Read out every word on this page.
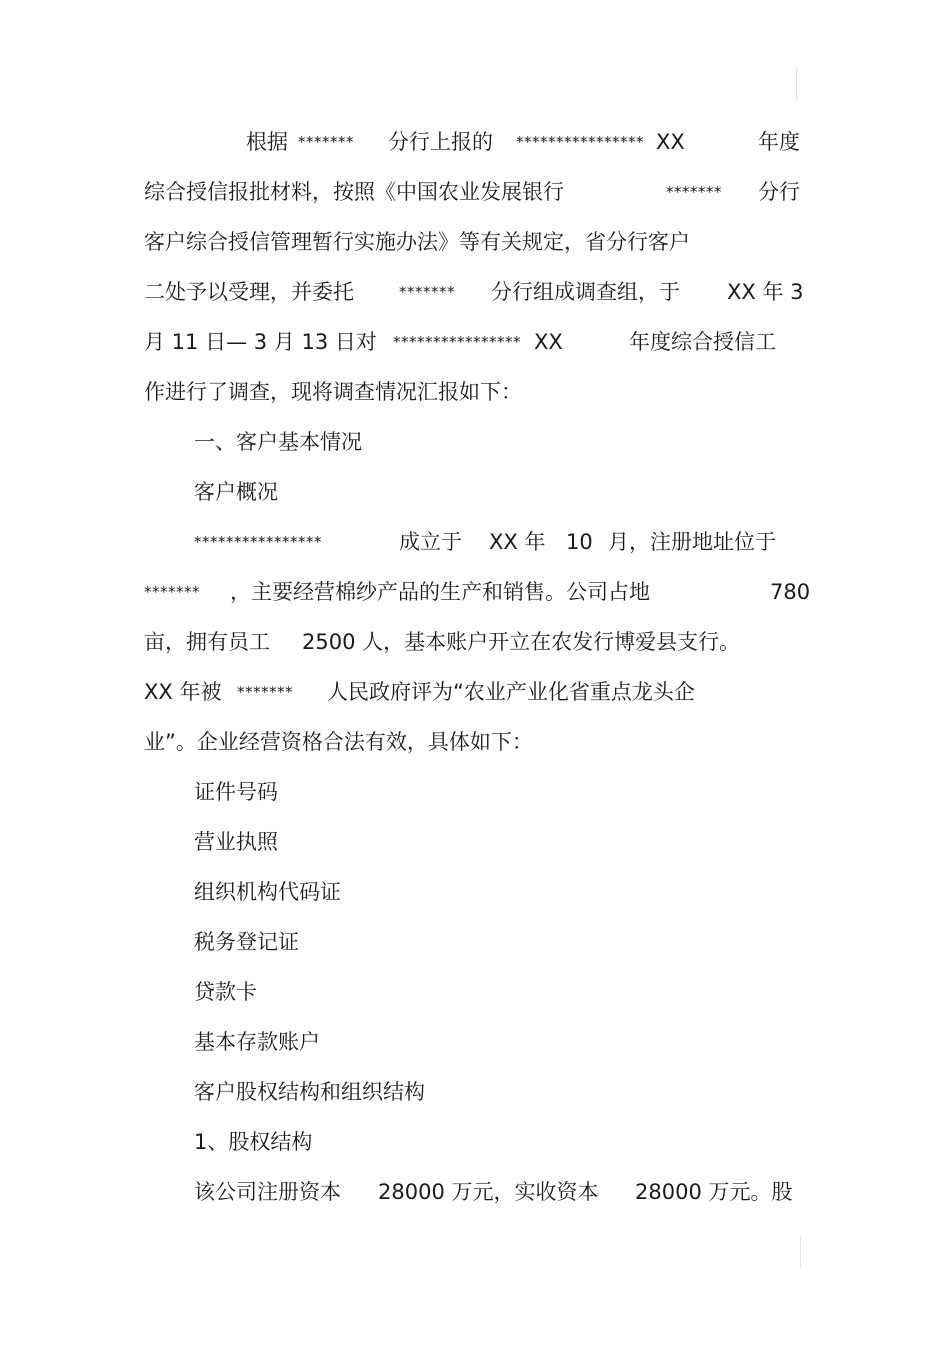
根据 ******* 分行上报的 **************** XX	年度
综合授信报批材料，按照《中国农业发展银行	******* 分行
客户综合授信管理暂行实施办法》等有关规定，省分行客户
二处予以受理，并委托	******* 分行组成调查组，于 XX 年 3
月 11 日— 3 月 13 日对 **************** XX	年度综合授信工
作进行了调查，现将调查情况汇报如下：
一、客户基本情况
客户概况
****************	成立于 XX 年 10 月，注册地址位于
******* ，主要经营棉纱产品的生产和销售。公司占地	780
亩，拥有员工 2500 人，基本账户开立在农发行博爱县支行。
XX 年被 ******* 人民政府评为“农业产业化省重点龙头企
业”。企业经营资格合法有效，具体如下：
证件号码
营业执照
组织机构代码证
税务登记证
贷款卡
基本存款账户
客户股权结构和组织结构
1、股权结构
该公司注册资本 28000 万元，实收资本 28000 万元。股
